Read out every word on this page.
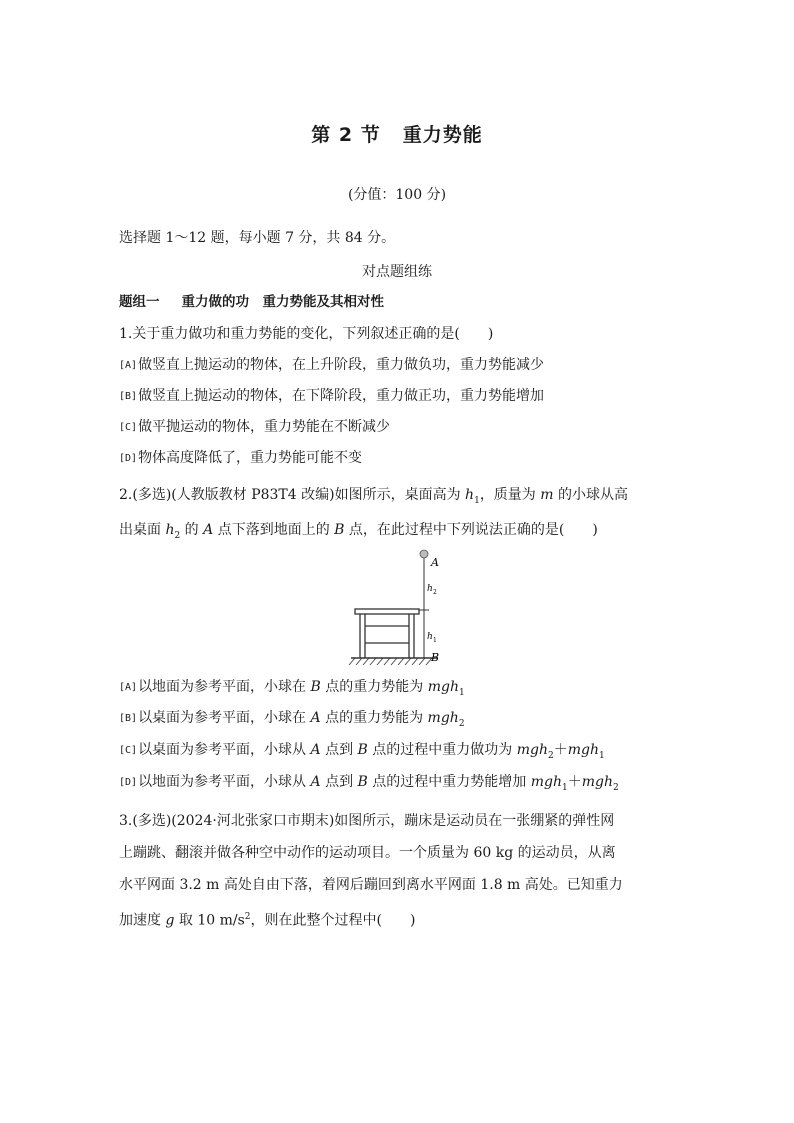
第 2 节 重力势能
(分值：100 分)
选择题 1～12 题，每小题 7 分，共 84 分。
对点题组练
题组一 重力做的功　重力势能及其相对性
1.关于重力做功和重力势能的变化，下列叙述正确的是(　　)
[A]做竖直上抛运动的物体，在上升阶段，重力做负功，重力势能减少
[B]做竖直上抛运动的物体，在下降阶段，重力做正功，重力势能增加
[C]做平抛运动的物体，重力势能在不断减少
[D]物体高度降低了，重力势能可能不变
2.(多选)(人教版教材 P83T4 改编)如图所示，桌面高为 $h_1$，质量为 m 的小球从高
出桌面 $h_2$ 的 A 点下落到地面上的 B 点，在此过程中下列说法正确的是(　　)
A
h 2
h 1
B
[A]以地面为参考平面，小球在 B 点的重力势能为 mgh$_1$
[B]以桌面为参考平面，小球在 A 点的重力势能为 mgh$_2$
[C]以桌面为参考平面，小球从 A 点到 B 点的过程中重力做功为 mgh$_2$＋mgh$_1$
[D]以地面为参考平面，小球从 A 点到 B 点的过程中重力势能增加 mgh$_1$＋mgh$_2$
3.(多选)(2024·河北张家口市期末)如图所示，蹦床是运动员在一张绷紧的弹性网
上蹦跳、翻滚并做各种空中动作的运动项目。一个质量为 60 kg 的运动员，从离
水平网面 3.2 m 高处自由下落，着网后蹦回到离水平网面 1.8 m 高处。已知重力
加速度 g 取 10 $m/s^2$，则在此整个过程中(　　)
